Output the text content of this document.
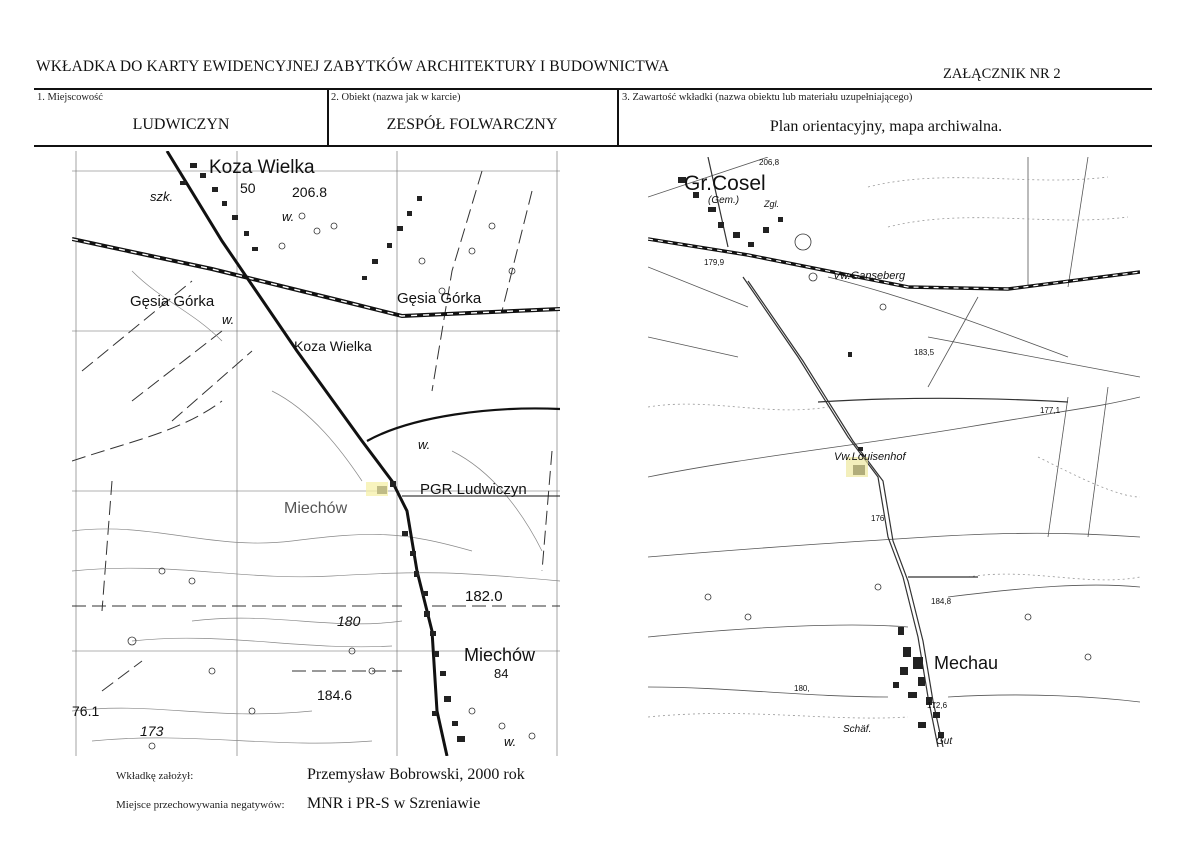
WKŁADKA DO KARTY EWIDENCYJNEJ ZABYTKÓW ARCHITEKTURY I BUDOWNICTWA	ZAŁĄCZNIK NR 2
1. Miejscowość
LUDWICZYN
2. Obiekt (nazwa jak w karcie)
ZESPÓŁ FOLWARCZNY
3. Zawartość wkładki (nazwa obiektu lub materiału uzupełniającego)
Plan orientacyjny, mapa archiwalna.
Koza Wielka
szk.
50	206.8
Gęsia Górka	Gęsia Górka
Koza Wielka
PGR Ludwiczyn
Miechów
182.0
180
Miechów
84
184.6
76.1
173
w.
w.
w.
w.
Gr.Cosel
(Gem.)	Zgl.
Vw.Ganseberg
Vw.Louisenhof
Mechau
Schäf.
Gut
206,8
179,9
183,5
177,1
176
184,8
172,6
180,
Wkładkę założył:	Przemysław Bobrowski, 2000 rok
Miejsce przechowywania negatywów: MNR i PR-S w Szreniawie
